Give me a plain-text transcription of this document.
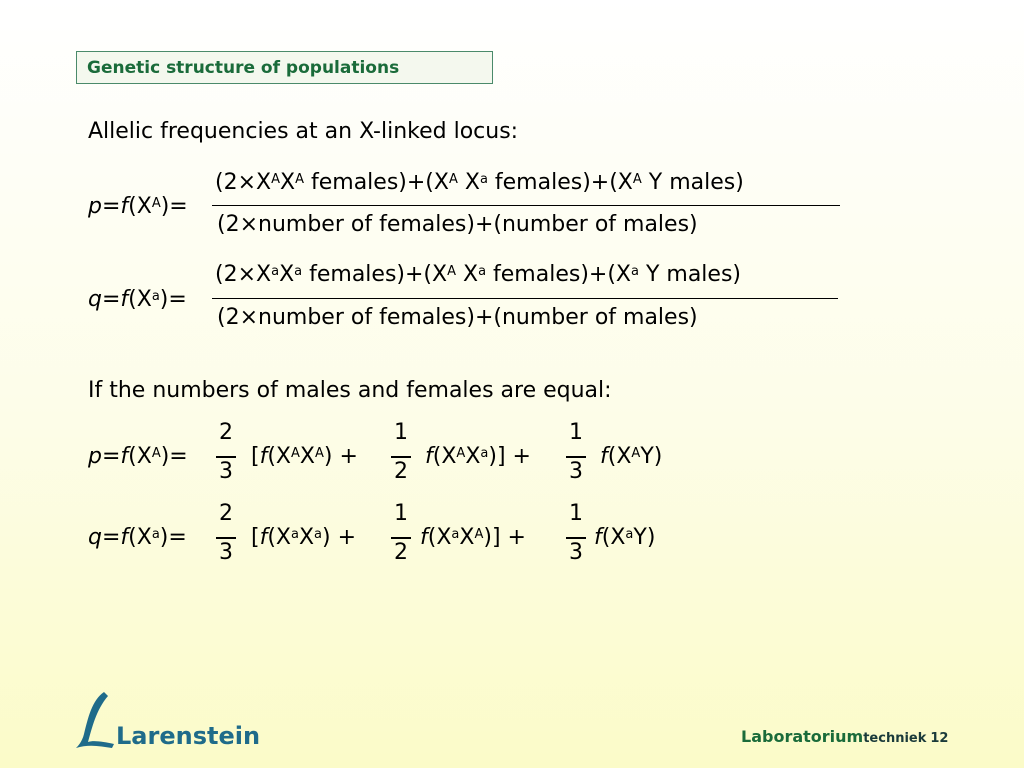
Genetic structure of populations
Allelic frequencies at an X-linked locus:
$p=f(X^A)=$
($2\times X^AX^A$ $females)+(X^A$ $X^a$ $females)+(X^A$ Y males)
(2×number of females)+(number of males)
$q=f(X^a)=$
($2\times X^aX^a$ $females)+(X^A$ $X^a$ $females)+(X^a$ Y males)
(2×number of females)+(number of males)
If the numbers of males and females are equal:
$p=f(X^A)=$
2
3
[$f(X^AX^A)$ +
1
2
$f(X^AX^a)$] +
1
3
$f(X^AY)$
$q=f(X^a)=$
2
3
[$f(X^aX^a)$ +
1
2
$f(X^aX^A)$] +
1
3
$f(X^aY)$
Larenstein	Laboratoriumtechniek 12
